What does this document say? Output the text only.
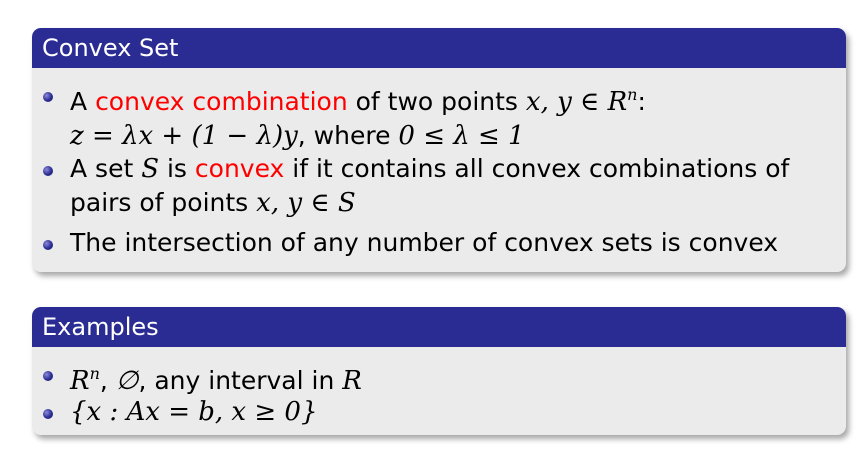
Convex Set
A convex combination of two points x, y ∈ $R^n$:
z = λx + (1 − λ)y, where 0 ≤ λ ≤ 1
A set S is convex if it contains all convex combinations of
pairs of points x, y ∈ S
The intersection of any number of convex sets is convex
Examples
$R^n$, ∅, any interval in R
{x : Ax = b, x ≥ 0}
